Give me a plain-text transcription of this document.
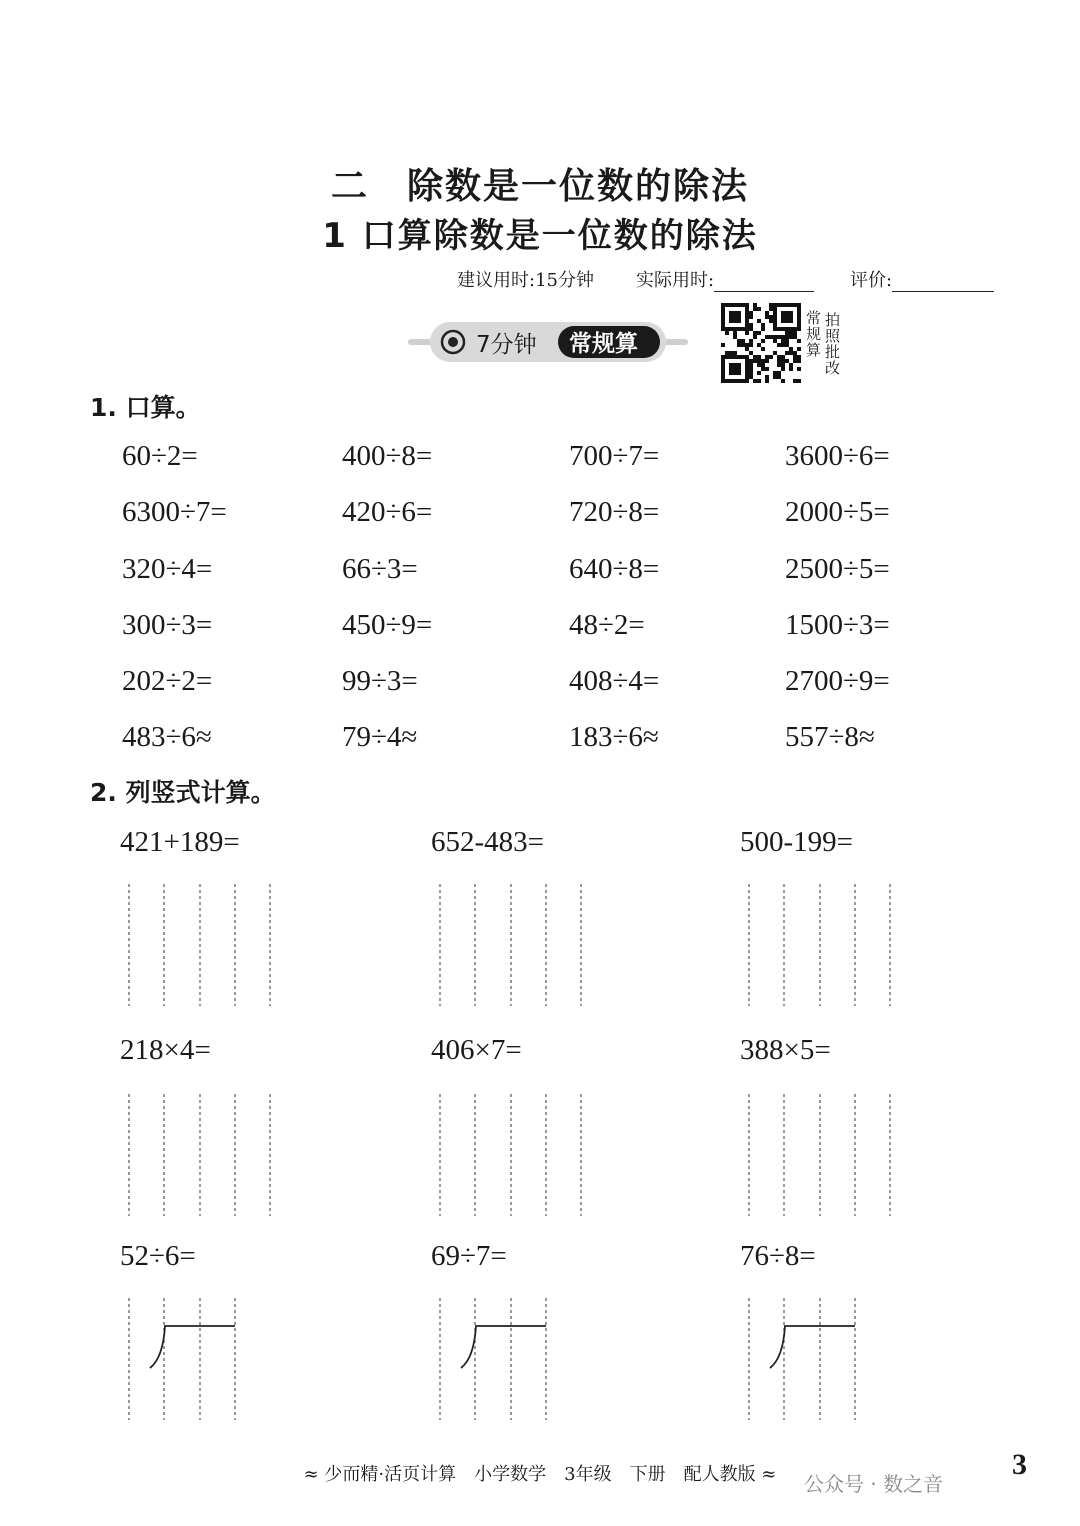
二　除数是一位数的除法
1 口算除数是一位数的除法
建议用时:15分钟 实际用时:	评价:
7分钟 常规算
常规算
拍照批改
1. 口算。
60÷2=	400÷8=	700÷7=	3600÷6=
6300÷7=	420÷6=	720÷8=	2000÷5=
320÷4=	66÷3=	640÷8=	2500÷5=
300÷3=	450÷9=	48÷2=	1500÷3=
202÷2=	99÷3=	408÷4=	2700÷9=
483÷6≈	79÷4≈	183÷6≈	557÷8≈
2. 列竖式计算。
421+189=	652-483=	500-199=
218×4=	406×7=	388×5=
52÷6=	69÷7=	76÷8=
≈ 少而精·活页计算　小学数学　3年级　下册　配人教版 ≈	公众号 · 数之音
3
